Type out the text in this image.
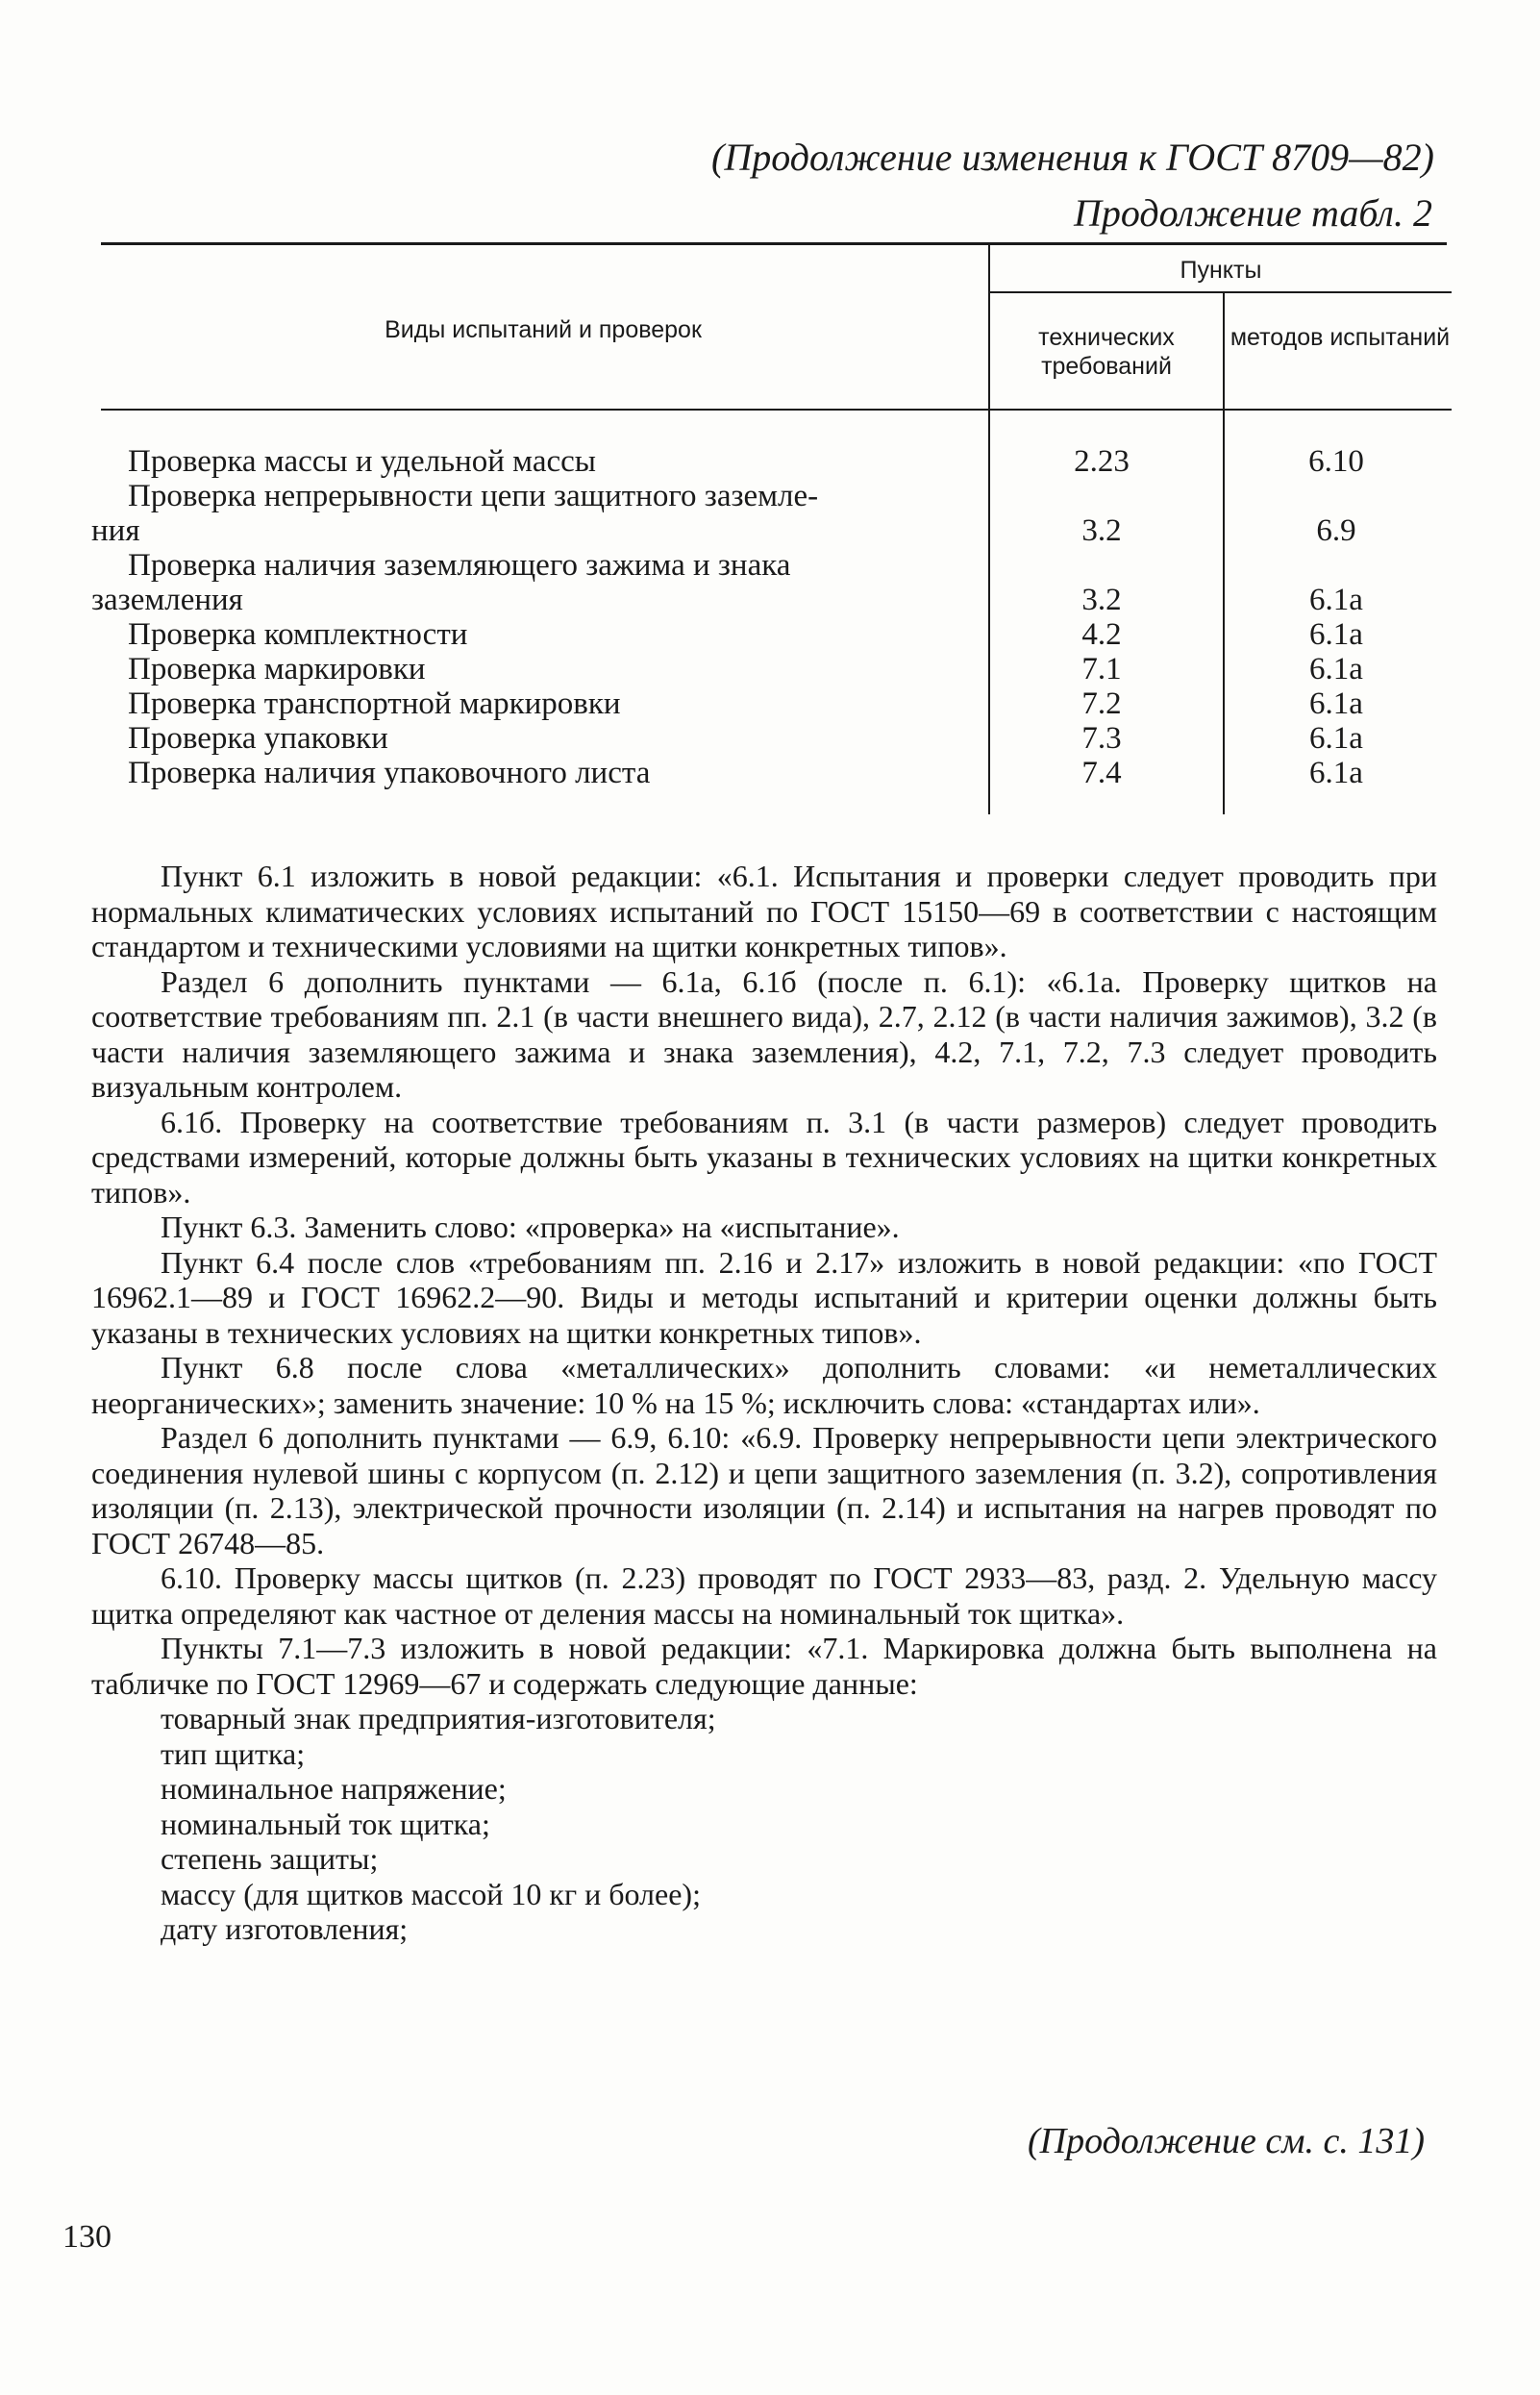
(Продолжение изменения к ГОСТ 8709—82)
Продолжение табл. 2
Виды испытаний и проверок
Пункты
технических требований
методов испытаний
Проверка массы и удельной массы	2.23	6.10
Проверка непрерывности цепи защитного заземле-
ния	3.2	6.9
Проверка наличия заземляющего зажима и знака
заземления	3.2	6.1а
Проверка комплектности	4.2	6.1а
Проверка маркировки	7.1	6.1а
Проверка транспортной маркировки	7.2	6.1а
Проверка упаковки	7.3	6.1а
Проверка наличия упаковочного листа	7.4	6.1а

Пункт 6.1 изложить в новой редакции: «6.1. Испытания и проверки следует проводить при нормальных климатических условиях испытаний по ГОСТ 15150—69 в соответствии с настоящим стандартом и техническими условиями на щитки конкретных типов».

Раздел 6 дополнить пунктами — 6.1а, 6.1б (после п. 6.1): «6.1а. Проверку щитков на соответствие требованиям пп. 2.1 (в части внешнего вида), 2.7, 2.12 (в части наличия зажимов), 3.2 (в части наличия заземляющего зажима и знака заземления), 4.2, 7.1, 7.2, 7.3 следует проводить визуальным контролем.

6.1б. Проверку на соответствие требованиям п. 3.1 (в части размеров) следует проводить средствами измерений, которые должны быть указаны в технических условиях на щитки конкретных типов».

Пункт 6.3. Заменить слово: «проверка» на «испытание».

Пункт 6.4 после слов «требованиям пп. 2.16 и 2.17» изложить в новой редакции: «по ГОСТ 16962.1—89 и ГОСТ 16962.2—90. Виды и методы испытаний и критерии оценки должны быть указаны в технических условиях на щитки конкретных типов».

Пункт 6.8 после слова «металлических» дополнить словами: «и неметаллических неорганических»; заменить значение: 10 % на 15 %; исключить слова: «стандартах или».

Раздел 6 дополнить пунктами — 6.9, 6.10: «6.9. Проверку непрерывности цепи электрического соединения нулевой шины с корпусом (п. 2.12) и цепи защитного заземления (п. 3.2), сопротивления изоляции (п. 2.13), электрической прочности изоляции (п. 2.14) и испытания на нагрев проводят по ГОСТ 26748—85.

6.10. Проверку массы щитков (п. 2.23) проводят по ГОСТ 2933—83, разд. 2. Удельную массу щитка определяют как частное от деления массы на номинальный ток щитка».

Пункты 7.1—7.3 изложить в новой редакции: «7.1. Маркировка должна быть выполнена на табличке по ГОСТ 12969—67 и содержать следующие данные:

товарный знак предприятия-изготовителя;
тип щитка;
номинальное напряжение;
номинальный ток щитка;
степень защиты;
массу (для щитков массой 10 кг и более);
дату изготовления;
(Продолжение см. с. 131)
130
